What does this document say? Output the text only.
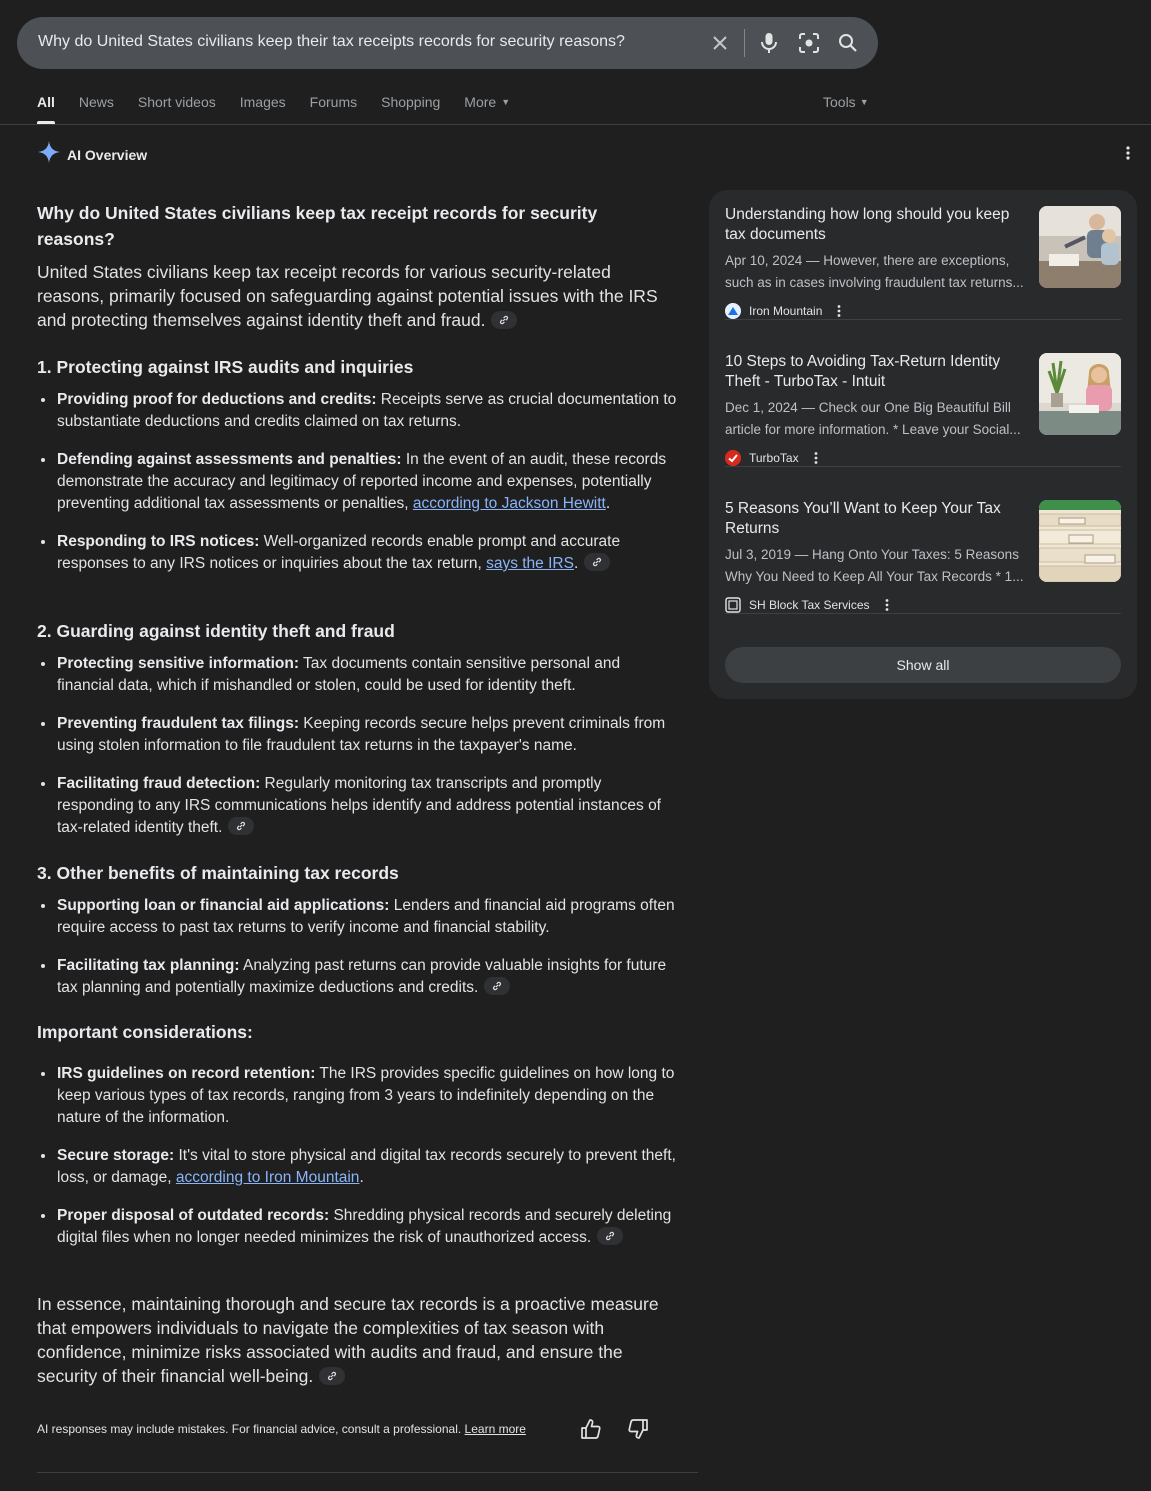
Why do United States civilians keep their tax receipts records for security reasons?
All News Short videos Images Forums Shopping More ▼	Tools ▼
AI Overview

Why do United States civilians keep tax receipt records for security reasons?

United States civilians keep tax receipt records for various security-related reasons, primarily focused on safeguarding against potential issues with the IRS and protecting themselves against identity theft and fraud.

1. Protecting against IRS audits and inquiries
Providing proof for deductions and credits: Receipts serve as crucial documentation to substantiate deductions and credits claimed on tax returns.
Defending against assessments and penalties: In the event of an audit, these records demonstrate the accuracy and legitimacy of reported income and expenses, potentially preventing additional tax assessments or penalties, according to Jackson Hewitt.
Responding to IRS notices: Well-organized records enable prompt and accurate responses to any IRS notices or inquiries about the tax return, says the IRS.
2. Guarding against identity theft and fraud
Protecting sensitive information: Tax documents contain sensitive personal and financial data, which if mishandled or stolen, could be used for identity theft.
Preventing fraudulent tax filings: Keeping records secure helps prevent criminals from using stolen information to file fraudulent tax returns in the taxpayer's name.
Facilitating fraud detection: Regularly monitoring tax transcripts and promptly responding to any IRS communications helps identify and address potential instances of tax-related identity theft.
3. Other benefits of maintaining tax records
Supporting loan or financial aid applications: Lenders and financial aid programs often require access to past tax returns to verify income and financial stability.
Facilitating tax planning: Analyzing past returns can provide valuable insights for future tax planning and potentially maximize deductions and credits.
Important considerations:
IRS guidelines on record retention: The IRS provides specific guidelines on how long to keep various types of tax records, ranging from 3 years to indefinitely depending on the nature of the information.
Secure storage: It's vital to store physical and digital tax records securely to prevent theft, loss, or damage, according to Iron Mountain.
Proper disposal of outdated records: Shredding physical records and securely deleting digital files when no longer needed minimizes the risk of unauthorized access.

In essence, maintaining thorough and secure tax records is a proactive measure that empowers individuals to navigate the complexities of tax season with confidence, minimize risks associated with audits and fraud, and ensure the security of their financial well-being.

AI responses may include mistakes. For financial advice, consult a professional. Learn more
Understanding how long should you keep tax documents
Apr 10, 2024 — However, there are exceptions,
such as in cases involving fraudulent tax returns...
Iron Mountain
10 Steps to Avoiding Tax-Return Identity Theft - TurboTax - Intuit
Dec 1, 2024 — Check our One Big Beautiful Bill
article for more information. * Leave your Social...
TurboTax
5 Reasons You’ll Want to Keep Your Tax Returns
Jul 3, 2019 — Hang Onto Your Taxes: 5 Reasons
Why You Need to Keep All Your Tax Records * 1...
SH Block Tax Services
Show all
